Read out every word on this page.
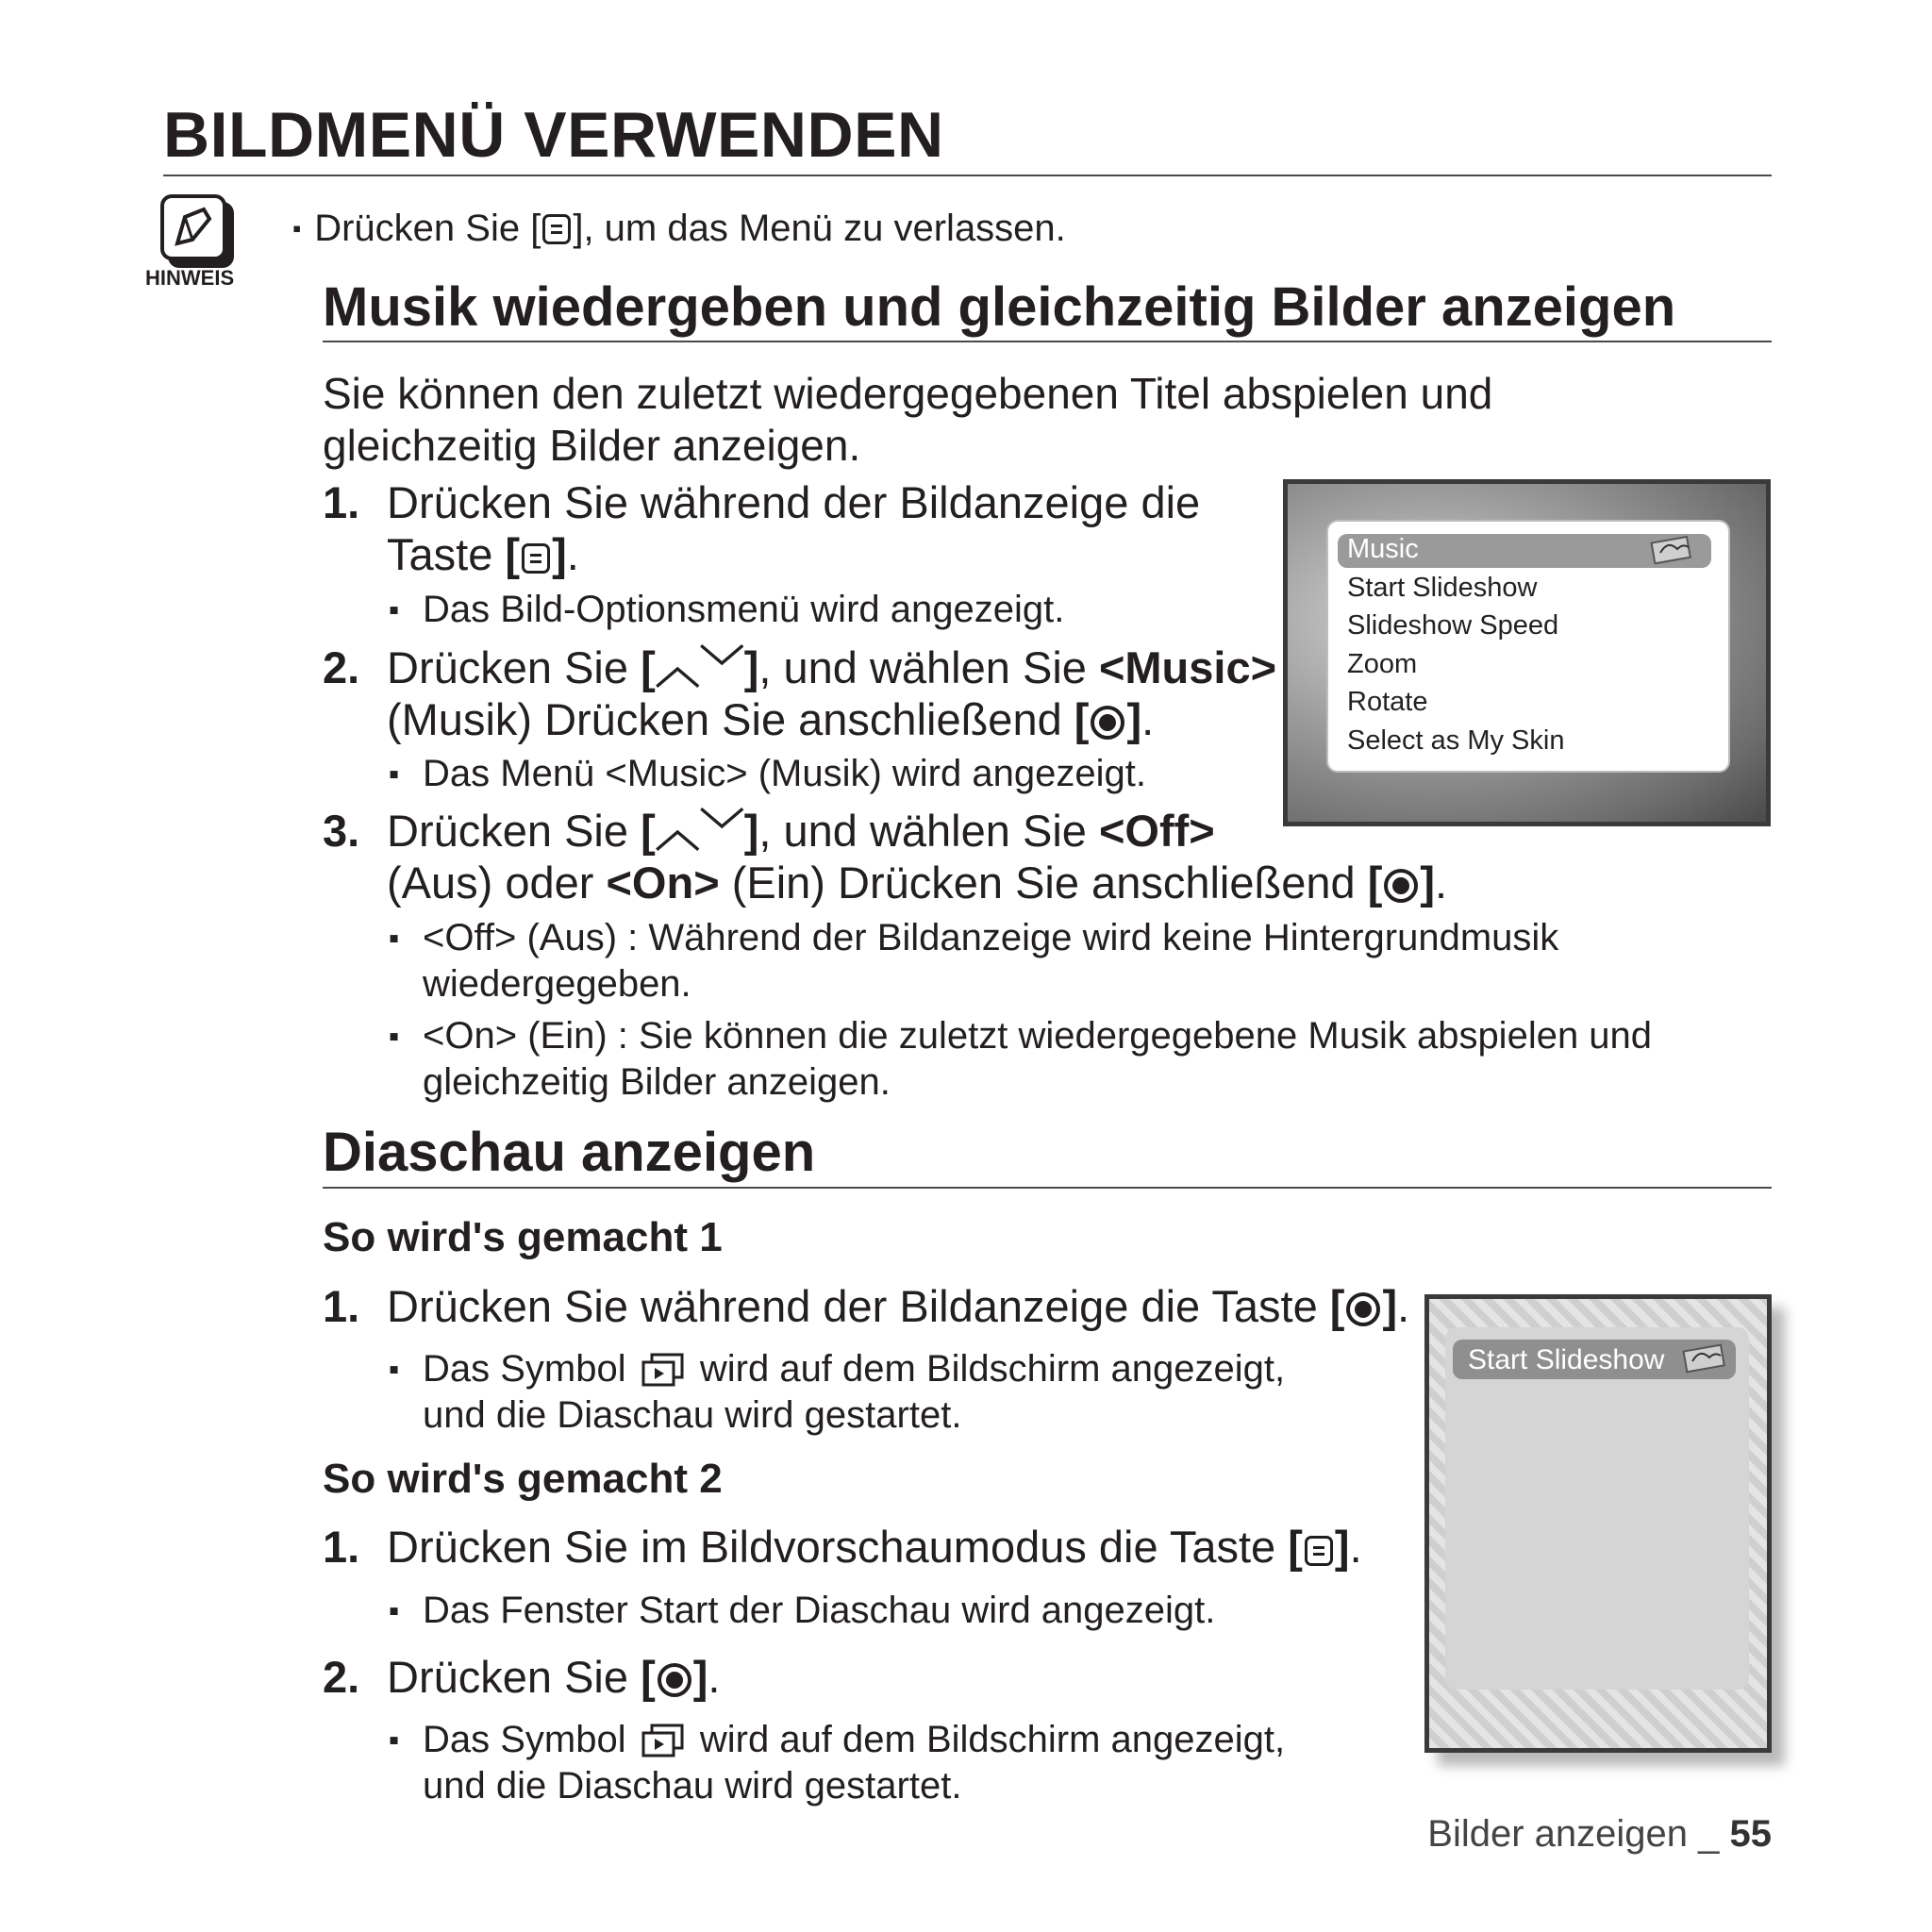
BILDMENÜ VERWENDEN
HINWEIS
▪ Drücken Sie [ ], um das Menü zu verlassen.
Musik wiedergeben und gleichzeitig Bilder anzeigen
Sie können den zuletzt wiedergegebenen Titel abspielen und
gleichzeitig Bilder anzeigen.
1. Drücken Sie während der Bildanzeige die
Taste [ ].
▪ Das Bild-Optionsmenü wird angezeigt.
2. Drücken Sie [︿﹀], und wählen Sie <Music>
(Musik) Drücken Sie anschließend [ ].
▪ Das Menü <Music> (Musik) wird angezeigt.
3. Drücken Sie [︿﹀], und wählen Sie <Off>
(Aus) oder <On> (Ein) Drücken Sie anschließend [ ].
▪ <Off> (Aus) : Während der Bildanzeige wird keine Hintergrundmusik
wiedergegeben.
▪ <On> (Ein) : Sie können die zuletzt wiedergegebene Musik abspielen und
gleichzeitig Bilder anzeigen.
Music
Start Slideshow
Slideshow Speed
Zoom
Rotate
Select as My Skin
Diaschau anzeigen
So wird's gemacht 1
1. Drücken Sie während der Bildanzeige die Taste [ ].
▪ Das Symbol  wird auf dem Bildschirm angezeigt,
und die Diaschau wird gestartet.
So wird's gemacht 2
1. Drücken Sie im Bildvorschaumodus die Taste [ ].
▪ Das Fenster Start der Diaschau wird angezeigt.
2. Drücken Sie [ ].
▪ Das Symbol  wird auf dem Bildschirm angezeigt,
und die Diaschau wird gestartet.
Start Slideshow
Bilder anzeigen _ 55
